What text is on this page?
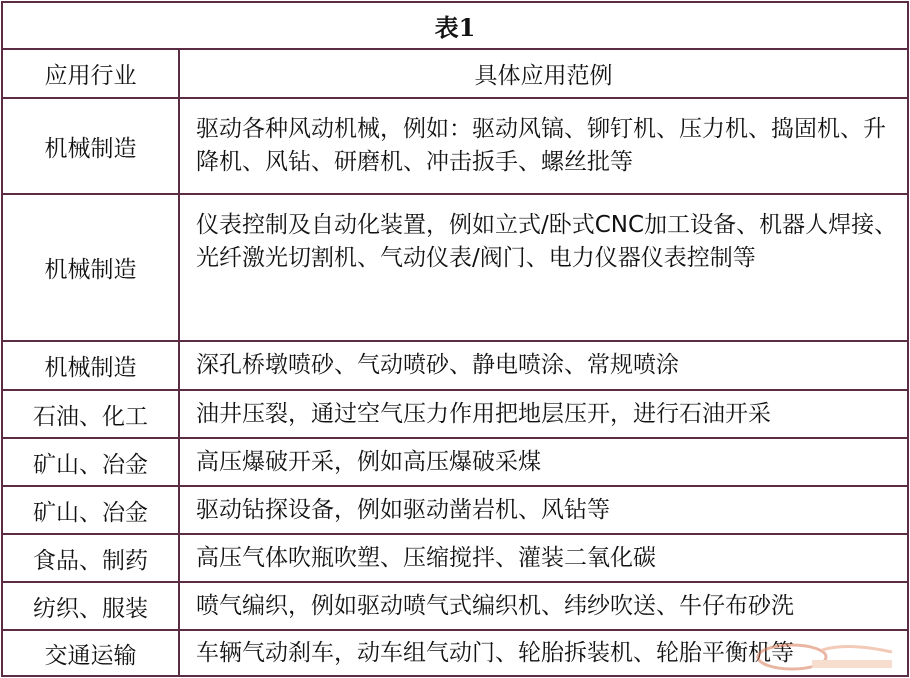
表1	
应用行业	具体应用范例
机械制造	驱动各种风动机械，例如：驱动风镐、铆钉机、压力机、捣固机、升降机、风钻、研磨机、冲击扳手、螺丝批等
机械制造	仪表控制及自动化装置，例如立式/卧式CNC加工设备、机器人焊接、光纤激光切割机、气动仪表/阀门、电力仪器仪表控制等
机械制造	深孔桥墩喷砂、气动喷砂、静电喷涂、常规喷涂
石油、化工	油井压裂，通过空气压力作用把地层压开，进行石油开采
矿山、冶金	高压爆破开采，例如高压爆破采煤
矿山、冶金	驱动钻探设备，例如驱动凿岩机、风钻等
食品、制药	高压气体吹瓶吹塑、压缩搅拌、灌装二氧化碳
纺织、服装	喷气编织，例如驱动喷气式编织机、纬纱吹送、牛仔布砂洗
交通运输	车辆气动刹车，动车组气动门、轮胎拆装机、轮胎平衡机等
